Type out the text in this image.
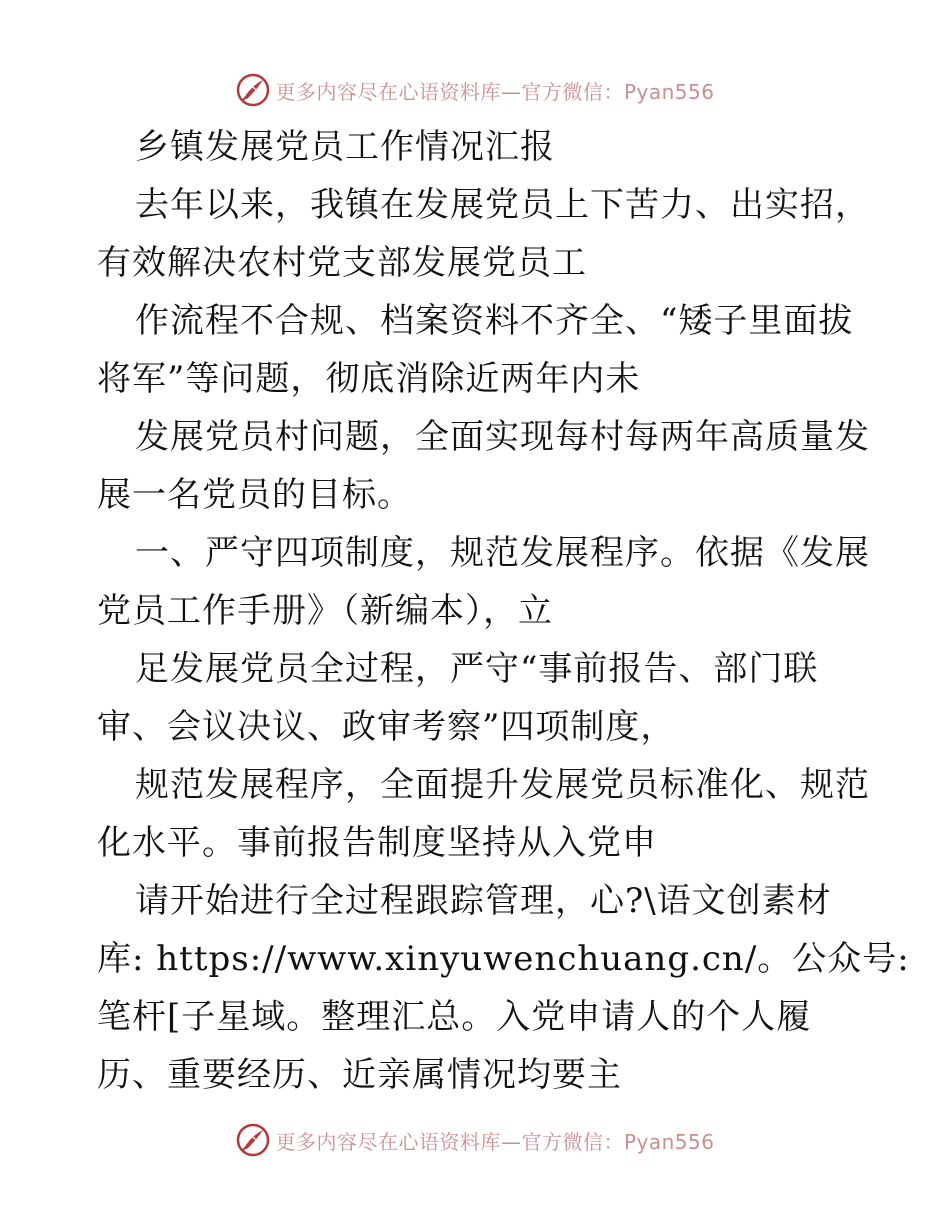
更多内容尽在心语资料库—官方微信：Pyan556
乡镇发展党员工作情况汇报
去年以来，我镇在发展党员上下苦力、出实招，
有效解决农村党支部发展党员工
作流程不合规、档案资料不齐全、“矮子里面拔
将军”等问题，彻底消除近两年内未
发展党员村问题，全面实现每村每两年高质量发
展一名党员的目标。
一、严守四项制度，规范发展程序。依据《发展
党员工作手册》（新编本），立
足发展党员全过程，严守“事前报告、部门联
审、会议决议、政审考察”四项制度，
规范发展程序，全面提升发展党员标准化、规范
化水平。事前报告制度坚持从入党申
请开始进行全过程跟踪管理，心?\语文创素材
库: https://www.xinyuwenchuang.cn/。公众号:
笔杆[子星域。整理汇总。入党申请人的个人履
历、重要经历、近亲属情况均要主
更多内容尽在心语资料库—官方微信：Pyan556
